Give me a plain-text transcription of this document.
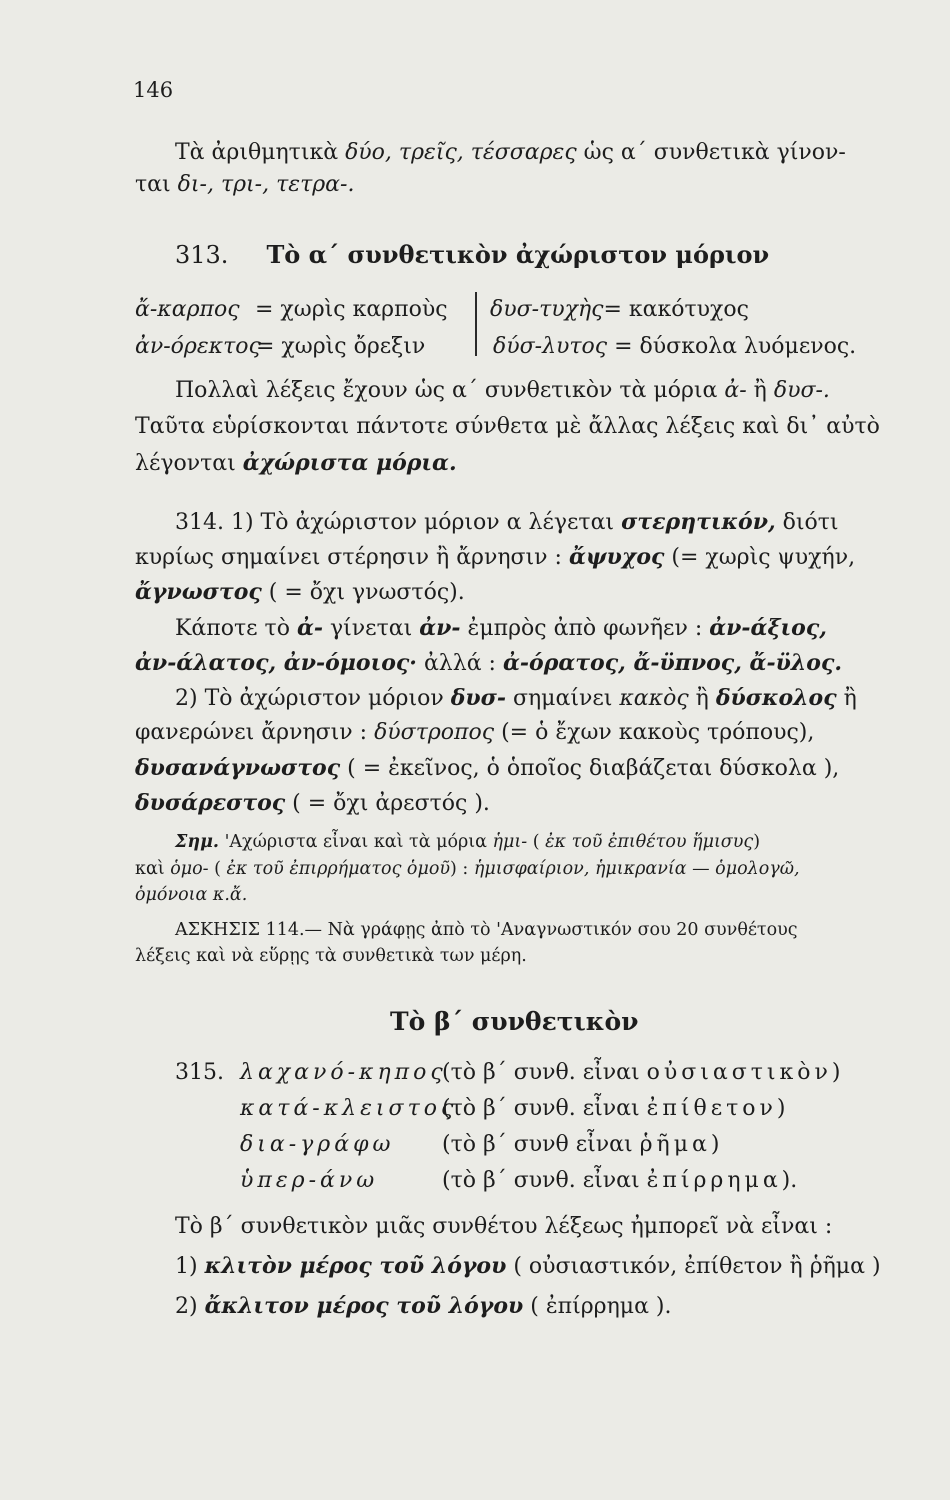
146
Τὰ ἀριθμητικὰ δύο, τρεῖς, τέσσαρες ὡς α΄ συνθετικὰ γίνον-
ται δι-, τρι-, τετρα-.
313. Τὸ α΄ συνθετικὸν ἀχώριστον μόριον
ἄ-καρπος = χωρὶς καρποὺς δυσ-τυχὴς= κακότυχος
ἀν-όρεκτος
= χωρὶς ὄρεξιν	δύσ-λυτος = δύσκολα λυόμενος.
Πολλαὶ λέξεις ἔχουν ὡς α΄ συνθετικὸν τὰ μόρια ἀ- ἢ δυσ-.
Ταῦτα εὑρίσκονται πάντοτε σύνθετα μὲ ἄλλας λέξεις καὶ δι᾽ αὐτὸ
λέγονται ἀχώριστα μόρια.
314. 1) Τὸ ἀχώριστον μόριον α λέγεται στερητικόν, διότι
κυρίως σημαίνει στέρησιν ἢ ἄρνησιν : ἄψυχος (= χωρὶς ψυχήν,
ἄγνωστος ( = ὄχι γνωστός).
Κάποτε τὸ ἀ- γίνεται ἀν- ἐμπρὸς ἀπὸ φωνῆεν : ἀν-άξιος,
ἀν-άλατος, ἀν-όμοιος· ἀλλά : ἀ-όρατος, ἄ-ϋπνος, ἄ-ϋλος.
2) Τὸ ἀχώριστον μόριον δυσ- σημαίνει κακὸς ἢ δύσκολος ἢ
φανερώνει ἄρνησιν : δύστροπος (= ὁ ἔχων κακοὺς τρόπους),
δυσανάγνωστος ( = ἐκεῖνος, ὁ ὁποῖος διαβάζεται δύσκολα ),
δυσάρεστος ( = ὄχι ἀρεστός ).
Σημ. 'Αχώριστα εἶναι καὶ τὰ μόρια ἡμι- ( ἐκ τοῦ ἐπιθέτου ἥμισυς)
καὶ ὁμο- ( ἐκ τοῦ ἐπιρρήματος ὁμοῦ) : ἡμισφαίριον, ἡμικρανία — ὁμολογῶ,
ὁμόνοια κ.ἄ.
ΑΣΚΗΣΙΣ 114.— Νὰ γράφῃς ἀπὸ τὸ 'Αναγνωστικόν σου 20 συνθέτους
λέξεις καὶ νὰ εὕρῃς τὰ συνθετικὰ των μέρη.
Τὸ β΄ συνθετικὸν
315. λαχανό-κηπος
(τὸ β΄ συνθ. εἶναι οὐσιαστικὸν)
κατά-κλειστος
(τὸ β΄ συνθ. εἶναι ἐπίθετον)
δια-γράφω (τὸ β΄ συνθ εἶναι ῥῆμα)
ὑπερ-άνω	(τὸ β΄ συνθ. εἶναι ἐπίρρημα).
Τὸ β΄ συνθετικὸν μιᾶς συνθέτου λέξεως ἠμπορεῖ νὰ εἶναι :
1) κλιτὸν μέρος τοῦ λόγου ( οὐσιαστικόν, ἐπίθετον ἢ ῥῆμα )
2) ἄκλιτον μέρος τοῦ λόγου ( ἐπίρρημα ).
